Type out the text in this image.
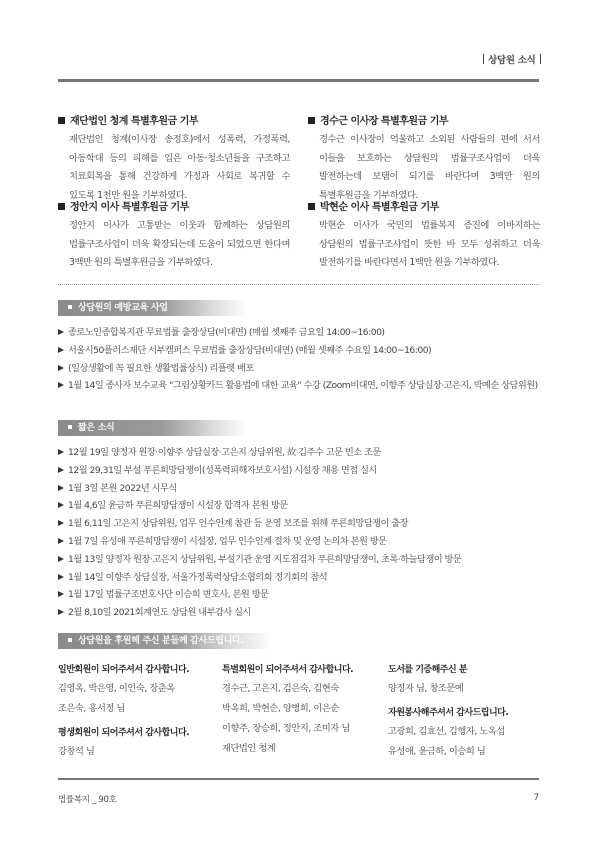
상담원 소식
재단법인 청계 특별후원금 기부
재단법인 청계(이사장 송정호)에서 성폭력, 가정폭력, 아동학대 등의 피해를 입은 아동·청소년들을 구조하고 치료회복을 통해 건강하게 가정과 사회로 복귀할 수 있도록 1천만 원을 기부하였다.
정안지 이사 특별후원금 기부
정안지 이사가 고통받는 이웃과 함께하는 상담원의 법률구조사업이 더욱 확장되는데 도움이 되었으면 한다며 3백만 원의 특별후원금을 기부하였다.
경수근 이사장 특별후원금 기부
경수근 이사장이 억울하고 소외된 사람들의 편에 서서 이들을 보호하는 상담원의 법률구조사업이 더욱 발전하는데 보탬이 되기를 바란다며 3백만 원의 특별후원금을 기부하였다.
박현순 이사 특별후원금 기부
박현순 이사가 국민의 법률복지 증진에 이바지하는 상담원의 법률구조사업이 뜻한 바 모두 성취하고 더욱 발전하기를 바란다면서 1백만 원을 기부하였다.
상담원의 예방교육 사업
종로노인종합복지관 무료법률 출장상담(비대면) (매월 셋째주 금요일 14:00~16:00)
서울시50플러스재단 서부캠퍼스 무료법률 출장상담(비대면) (매월 셋째주 수요일 14:00~16:00)
(일상생활에 꼭 필요한 생활법률상식) 리플렛 배포
1월 14일 종사자 보수교육 "그림상황카드 활용법에 대한 교육" 수강 (Zoom비대면, 이향주 상담실장·고은지, 박예순 상담위원)
짧은 소식
12월 19일 양정자 원장·이향주 상담실장·고은지 상담위원, 故 김주수 고문 빈소 조문
12월 29,31일 부설 푸른희망담쟁이(성폭력피해자보호시설) 시설장 채용 면접 실시
1월 3일 본원 2022년 시무식
1월 4,6일 윤금하 푸른희망담쟁이 시설장 합격자 본원 방문
1월 6,11일 고은지 상담위원, 업무 인수인계 참관 등 운영 보조를 위해 푸른희망담쟁이 출장
1월 7일 유성애 푸른희망담쟁이 시설장, 업무 인수인계 절차 및 운영 논의차 본원 방문
1월 13일 양정자 원장·고은지 상담위원, 부설기관 운영 지도점검차 푸른희망담쟁이, 초록·하늘담쟁이 방문
1월 14일 이향주 상담실장, 서울가정폭력상담소협의회 정기회의 참석
1월 17일 법률구조변호사단 이승희 변호사, 본원 방문
2월 8,10일 2021회계연도 상담원 내부감사 실시
상담원을 후원해 주신 분들께 감사드립니다.
일반회원이 되어주셔서 감사합니다.
김영옥, 박은영, 이인숙, 장춘옥
조은숙, 홍서정 님
평생회원이 되어주셔서 감사합니다.
강창석 님
특별회원이 되어주셔서 감사합니다.
경수근, 고은지, 김은숙, 김현숙
박옥희, 박현순, 양병희, 이은순
이향주, 장승희, 정안지, 조미자 님
재단법인 청계
도서를 기증해주신 분
양정자 님, 창조문예
자원봉사해주셔서 감사드립니다.
고광희, 김효선, 김행자, 노옥섭
유성애, 윤금하, 이승희 님
법률복지 _ 90호	7
